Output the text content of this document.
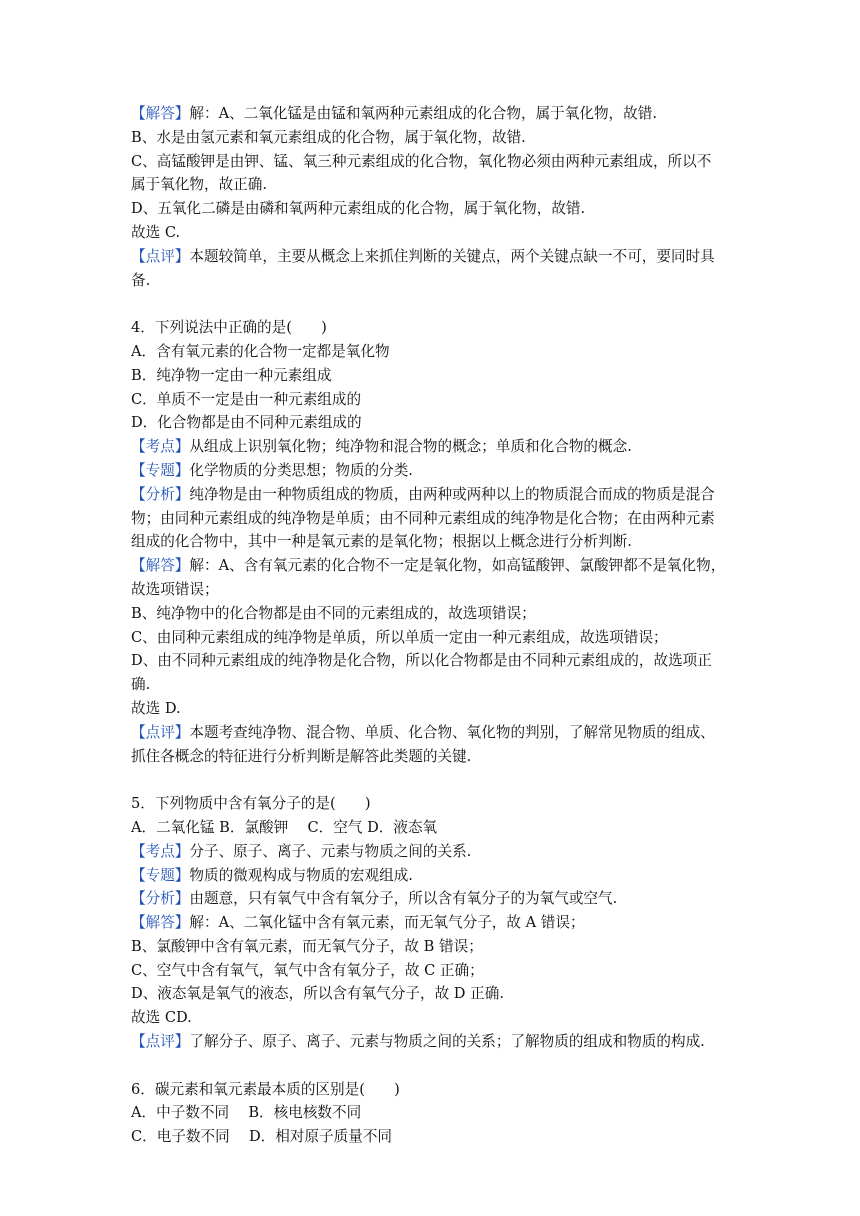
【解答】解：A、二氧化锰是由锰和氧两种元素组成的化合物，属于氧化物，故错.
B、水是由氢元素和氧元素组成的化合物，属于氧化物，故错.
C、高锰酸钾是由钾、锰、氧三种元素组成的化合物，氧化物必须由两种元素组成，所以不
属于氧化物，故正确.
D、五氧化二磷是由磷和氧两种元素组成的化合物，属于氧化物，故错.
故选 C.
【点评】本题较简单，主要从概念上来抓住判断的关键点，两个关键点缺一不可，要同时具
备.
4．下列说法中正确的是(　　)
A．含有氧元素的化合物一定都是氧化物
B．纯净物一定由一种元素组成
C．单质不一定是由一种元素组成的
D．化合物都是由不同种元素组成的
【考点】从组成上识别氧化物；纯净物和混合物的概念；单质和化合物的概念.
【专题】化学物质的分类思想；物质的分类.
【分析】纯净物是由一种物质组成的物质，由两种或两种以上的物质混合而成的物质是混合
物；由同种元素组成的纯净物是单质；由不同种元素组成的纯净物是化合物；在由两种元素
组成的化合物中，其中一种是氧元素的是氧化物；根据以上概念进行分析判断.
【解答】解：A、含有氧元素的化合物不一定是氧化物，如高锰酸钾、氯酸钾都不是氧化物，
故选项错误；
B、纯净物中的化合物都是由不同的元素组成的，故选项错误；
C、由同种元素组成的纯净物是单质，所以单质一定由一种元素组成，故选项错误；
D、由不同种元素组成的纯净物是化合物，所以化合物都是由不同种元素组成的，故选项正
确.
故选 D.
【点评】本题考查纯净物、混合物、单质、化合物、氧化物的判别，了解常见物质的组成、
抓住各概念的特征进行分析判断是解答此类题的关键.
5．下列物质中含有氧分子的是(　　)
A．二氧化锰 B．氯酸钾　 C．空气 D．液态氧
【考点】分子、原子、离子、元素与物质之间的关系.
【专题】物质的微观构成与物质的宏观组成.
【分析】由题意，只有氧气中含有氧分子，所以含有氧分子的为氧气或空气.
【解答】解：A、二氧化锰中含有氧元素，而无氧气分子，故 A 错误；
B、氯酸钾中含有氧元素，而无氧气分子，故 B 错误；
C、空气中含有氧气，氧气中含有氧分子，故 C 正确；
D、液态氧是氧气的液态，所以含有氧气分子，故 D 正确.
故选 CD.
【点评】了解分子、原子、离子、元素与物质之间的关系；了解物质的组成和物质的构成.
6．碳元素和氧元素最本质的区别是(　　)
A．中子数不同　 B．核电核数不同
C．电子数不同　 D．相对原子质量不同
